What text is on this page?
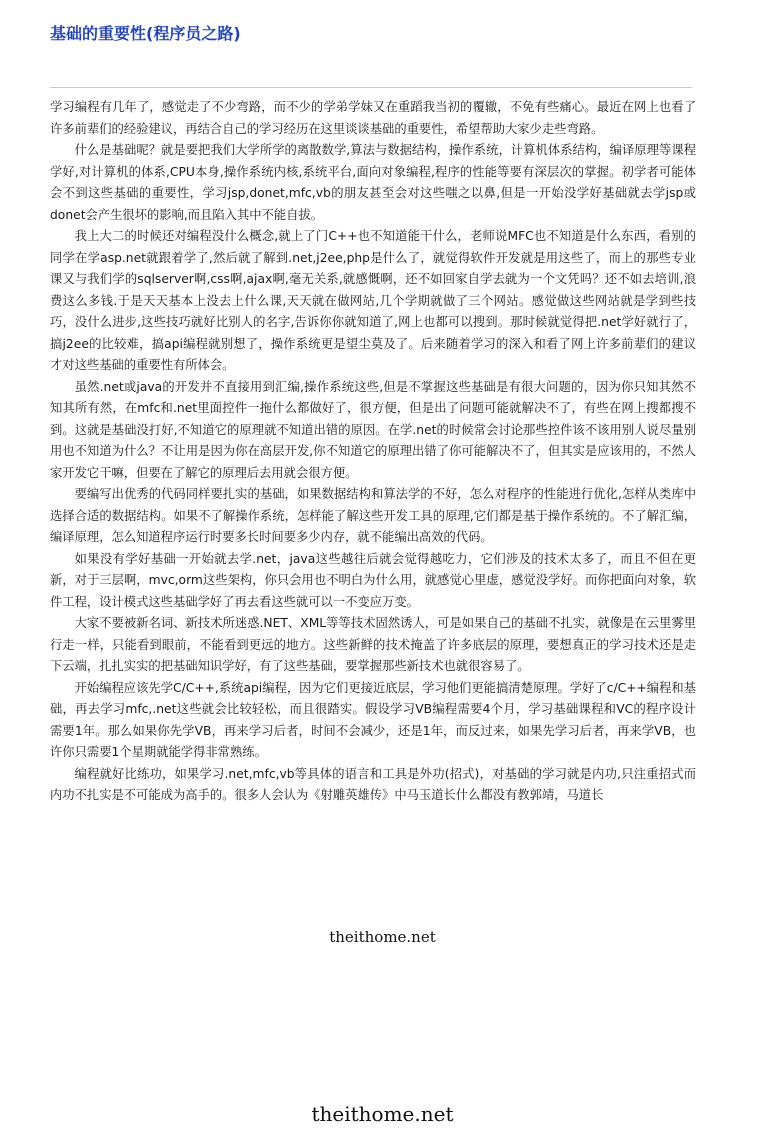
基础的重要性(程序员之路)

学习编程有几年了，感觉走了不少弯路，而不少的学弟学妹又在重蹈我当初的覆辙，不免有些痛心。最近在网上也看了许多前辈们的经验建议，再结合自己的学习经历在这里谈谈基础的重要性，希望帮助大家少走些弯路。

什么是基础呢？就是要把我们大学所学的离散数学,算法与数据结构，操作系统，计算机体系结构，编译原理等课程学好,对计算机的体系,CPU本身,操作系统内核,系统平台,面向对象编程,程序的性能等要有深层次的掌握。初学者可能体会不到这些基础的重要性，学习jsp,donet,mfc,vb的朋友甚至会对这些嗤之以鼻,但是一开始没学好基础就去学jsp或donet会产生很坏的影响,而且陷入其中不能自拔。

我上大二的时候还对编程没什么概念,就上了门C++也不知道能干什么，老师说MFC也不知道是什么东西，看别的同学在学asp.net就跟着学了,然后就了解到.net,j2ee,php是什么了，就觉得软件开发就是用这些了，而上的那些专业课又与我们学的sqlserver啊,css啊,ajax啊,毫无关系,就感慨啊，还不如回家自学去就为一个文凭吗？还不如去培训,浪费这么多钱.于是天天基本上没去上什么课,天天就在做网站,几个学期就做了三个网站。感觉做这些网站就是学到些技巧，没什么进步,这些技巧就好比别人的名字,告诉你你就知道了,网上也都可以搜到。那时候就觉得把.net学好就行了，搞j2ee的比较难，搞api编程就别想了，操作系统更是望尘莫及了。后来随着学习的深入和看了网上许多前辈们的建议才对这些基础的重要性有所体会。

虽然.net或java的开发并不直接用到汇编,操作系统这些,但是不掌握这些基础是有很大问题的，因为你只知其然不知其所有然，在mfc和.net里面控件一拖什么都做好了，很方便，但是出了问题可能就解决不了，有些在网上搜都搜不到。这就是基础没打好,不知道它的原理就不知道出错的原因。在学.net的时候常会讨论那些控件该不该用别人说尽量别用也不知道为什么？不让用是因为你在高层开发,你不知道它的原理出错了你可能解决不了，但其实是应该用的，不然人家开发它干嘛，但要在了解它的原理后去用就会很方便。

要编写出优秀的代码同样要扎实的基础，如果数据结构和算法学的不好，怎么对程序的性能进行优化,怎样从类库中选择合适的数据结构。如果不了解操作系统，怎样能了解这些开发工具的原理,它们都是基于操作系统的。不了解汇编，编译原理，怎么知道程序运行时要多长时间要多少内存，就不能编出高效的代码。

如果没有学好基础一开始就去学.net，java这些越往后就会觉得越吃力，它们涉及的技术太多了，而且不但在更新，对于三层啊，mvc,orm这些架构，你只会用也不明白为什么用，就感觉心里虚，感觉没学好。而你把面向对象，软件工程，设计模式这些基础学好了再去看这些就可以一不变应万变。

大家不要被新名词、新技术所迷惑.NET、XML等等技术固然诱人，可是如果自己的基础不扎实，就像是在云里雾里行走一样，只能看到眼前，不能看到更远的地方。这些新鲜的技术掩盖了许多底层的原理，要想真正的学习技术还是走下云端，扎扎实实的把基础知识学好，有了这些基础，要掌握那些新技术也就很容易了。

开始编程应该先学C/C++,系统api编程，因为它们更接近底层，学习他们更能搞清楚原理。学好了c/C++编程和基础，再去学习mfc,.net这些就会比较轻松，而且很踏实。假设学习VB编程需要4个月，学习基础课程和VC的程序设计需要1年。那么如果你先学VB，再来学习后者，时间不会减少，还是1年，而反过来，如果先学习后者，再来学VB，也许你只需要1个星期就能学得非常熟练。

编程就好比练功，如果学习.net,mfc,vb等具体的语言和工具是外功(招式)，对基础的学习就是内功,只注重招式而内功不扎实是不可能成为高手的。很多人会认为《射雕英雄传》中马玉道长什么都没有教郭靖，马道长

theithome.net
theithome.net
